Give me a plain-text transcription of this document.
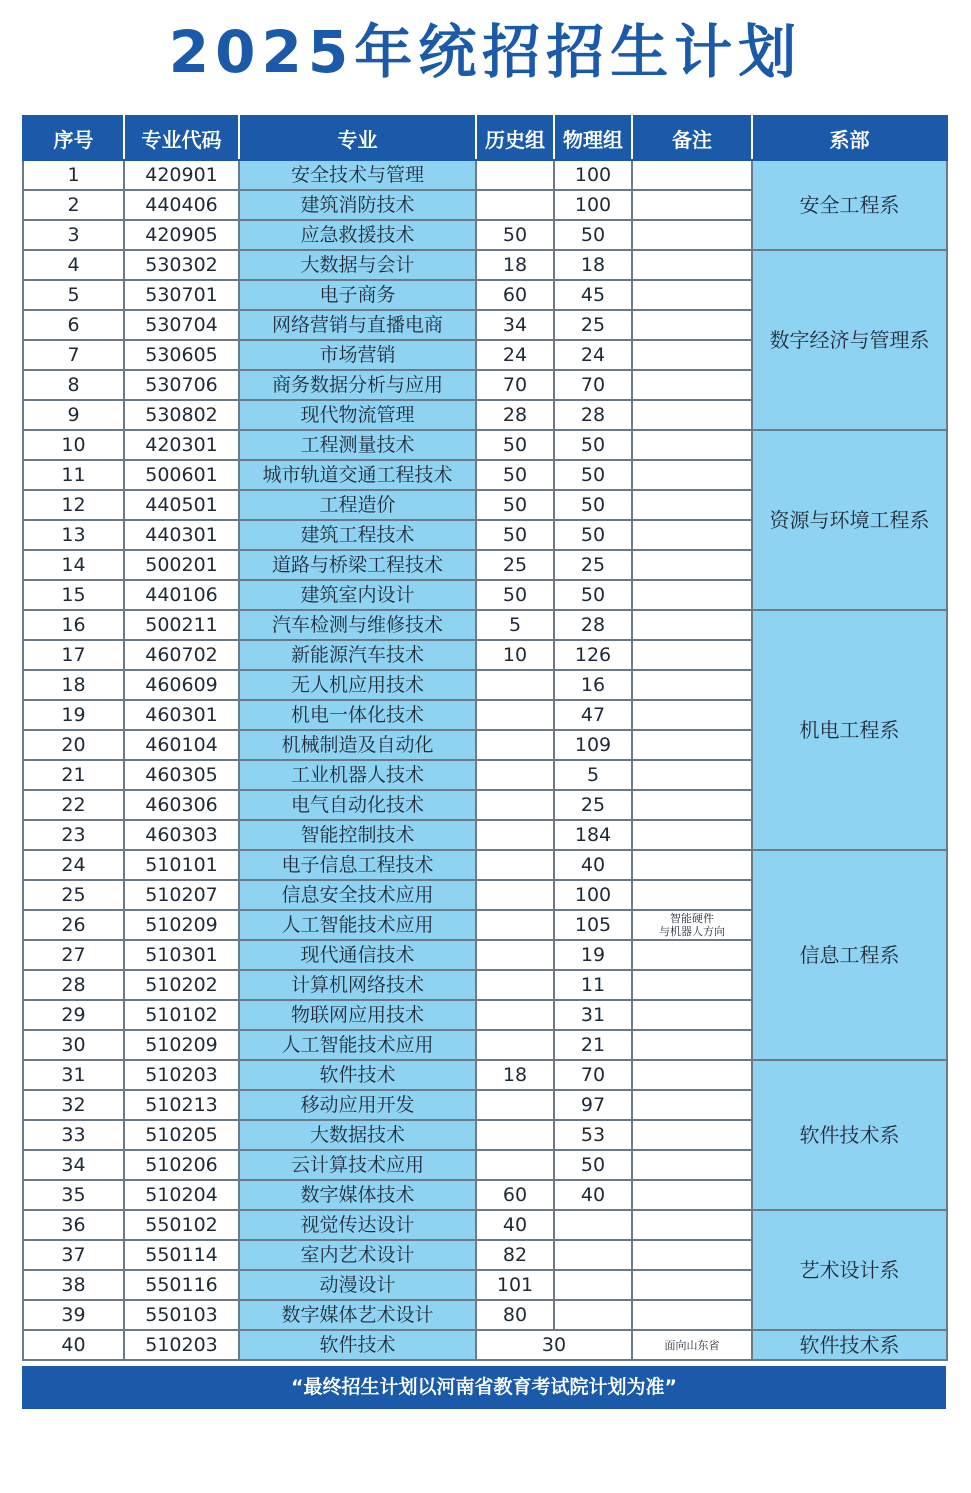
2025年统招招生计划
序号	专业代码	专业	历史组	物理组	备注	系部
1	420901	安全技术与管理		100		安全工程系
2	440406	建筑消防技术		100		
3	420905	应急救援技术	50	50		
4	530302	大数据与会计	18	18		数字经济与管理系
5	530701	电子商务	60	45		
6	530704	网络营销与直播电商	34	25		
7	530605	市场营销	24	24		
8	530706	商务数据分析与应用	70	70		
9	530802	现代物流管理	28	28		
10	420301	工程测量技术	50	50		资源与环境工程系
11	500601	城市轨道交通工程技术	50	50		
12	440501	工程造价	50	50		
13	440301	建筑工程技术	50	50		
14	500201	道路与桥梁工程技术	25	25		
15	440106	建筑室内设计	50	50		
16	500211	汽车检测与维修技术	5	28		机电工程系
17	460702	新能源汽车技术	10	126		
18	460609	无人机应用技术		16		
19	460301	机电一体化技术		47		
20	460104	机械制造及自动化		109		
21	460305	工业机器人技术		5		
22	460306	电气自动化技术		25		
23	460303	智能控制技术		184		
24	510101	电子信息工程技术		40		信息工程系
25	510207	信息安全技术应用		100		
26	510209	人工智能技术应用		105	智能硬件
与机器人方向	
27	510301	现代通信技术		19		
28	510202	计算机网络技术		11		
29	510102	物联网应用技术		31		
30	510209	人工智能技术应用		21		
31	510203	软件技术	18	70		软件技术系
32	510213	移动应用开发		97		
33	510205	大数据技术		53		
34	510206	云计算技术应用		50		
35	510204	数字媒体技术	60	40		
36	550102	视觉传达设计	40			艺术设计系
37	550114	室内艺术设计	82			
38	550116	动漫设计	101			
39	550103	数字媒体艺术设计	80			
40	510203	软件技术	30		面向山东省	软件技术系
“最终招生计划以河南省教育考试院计划为准”
